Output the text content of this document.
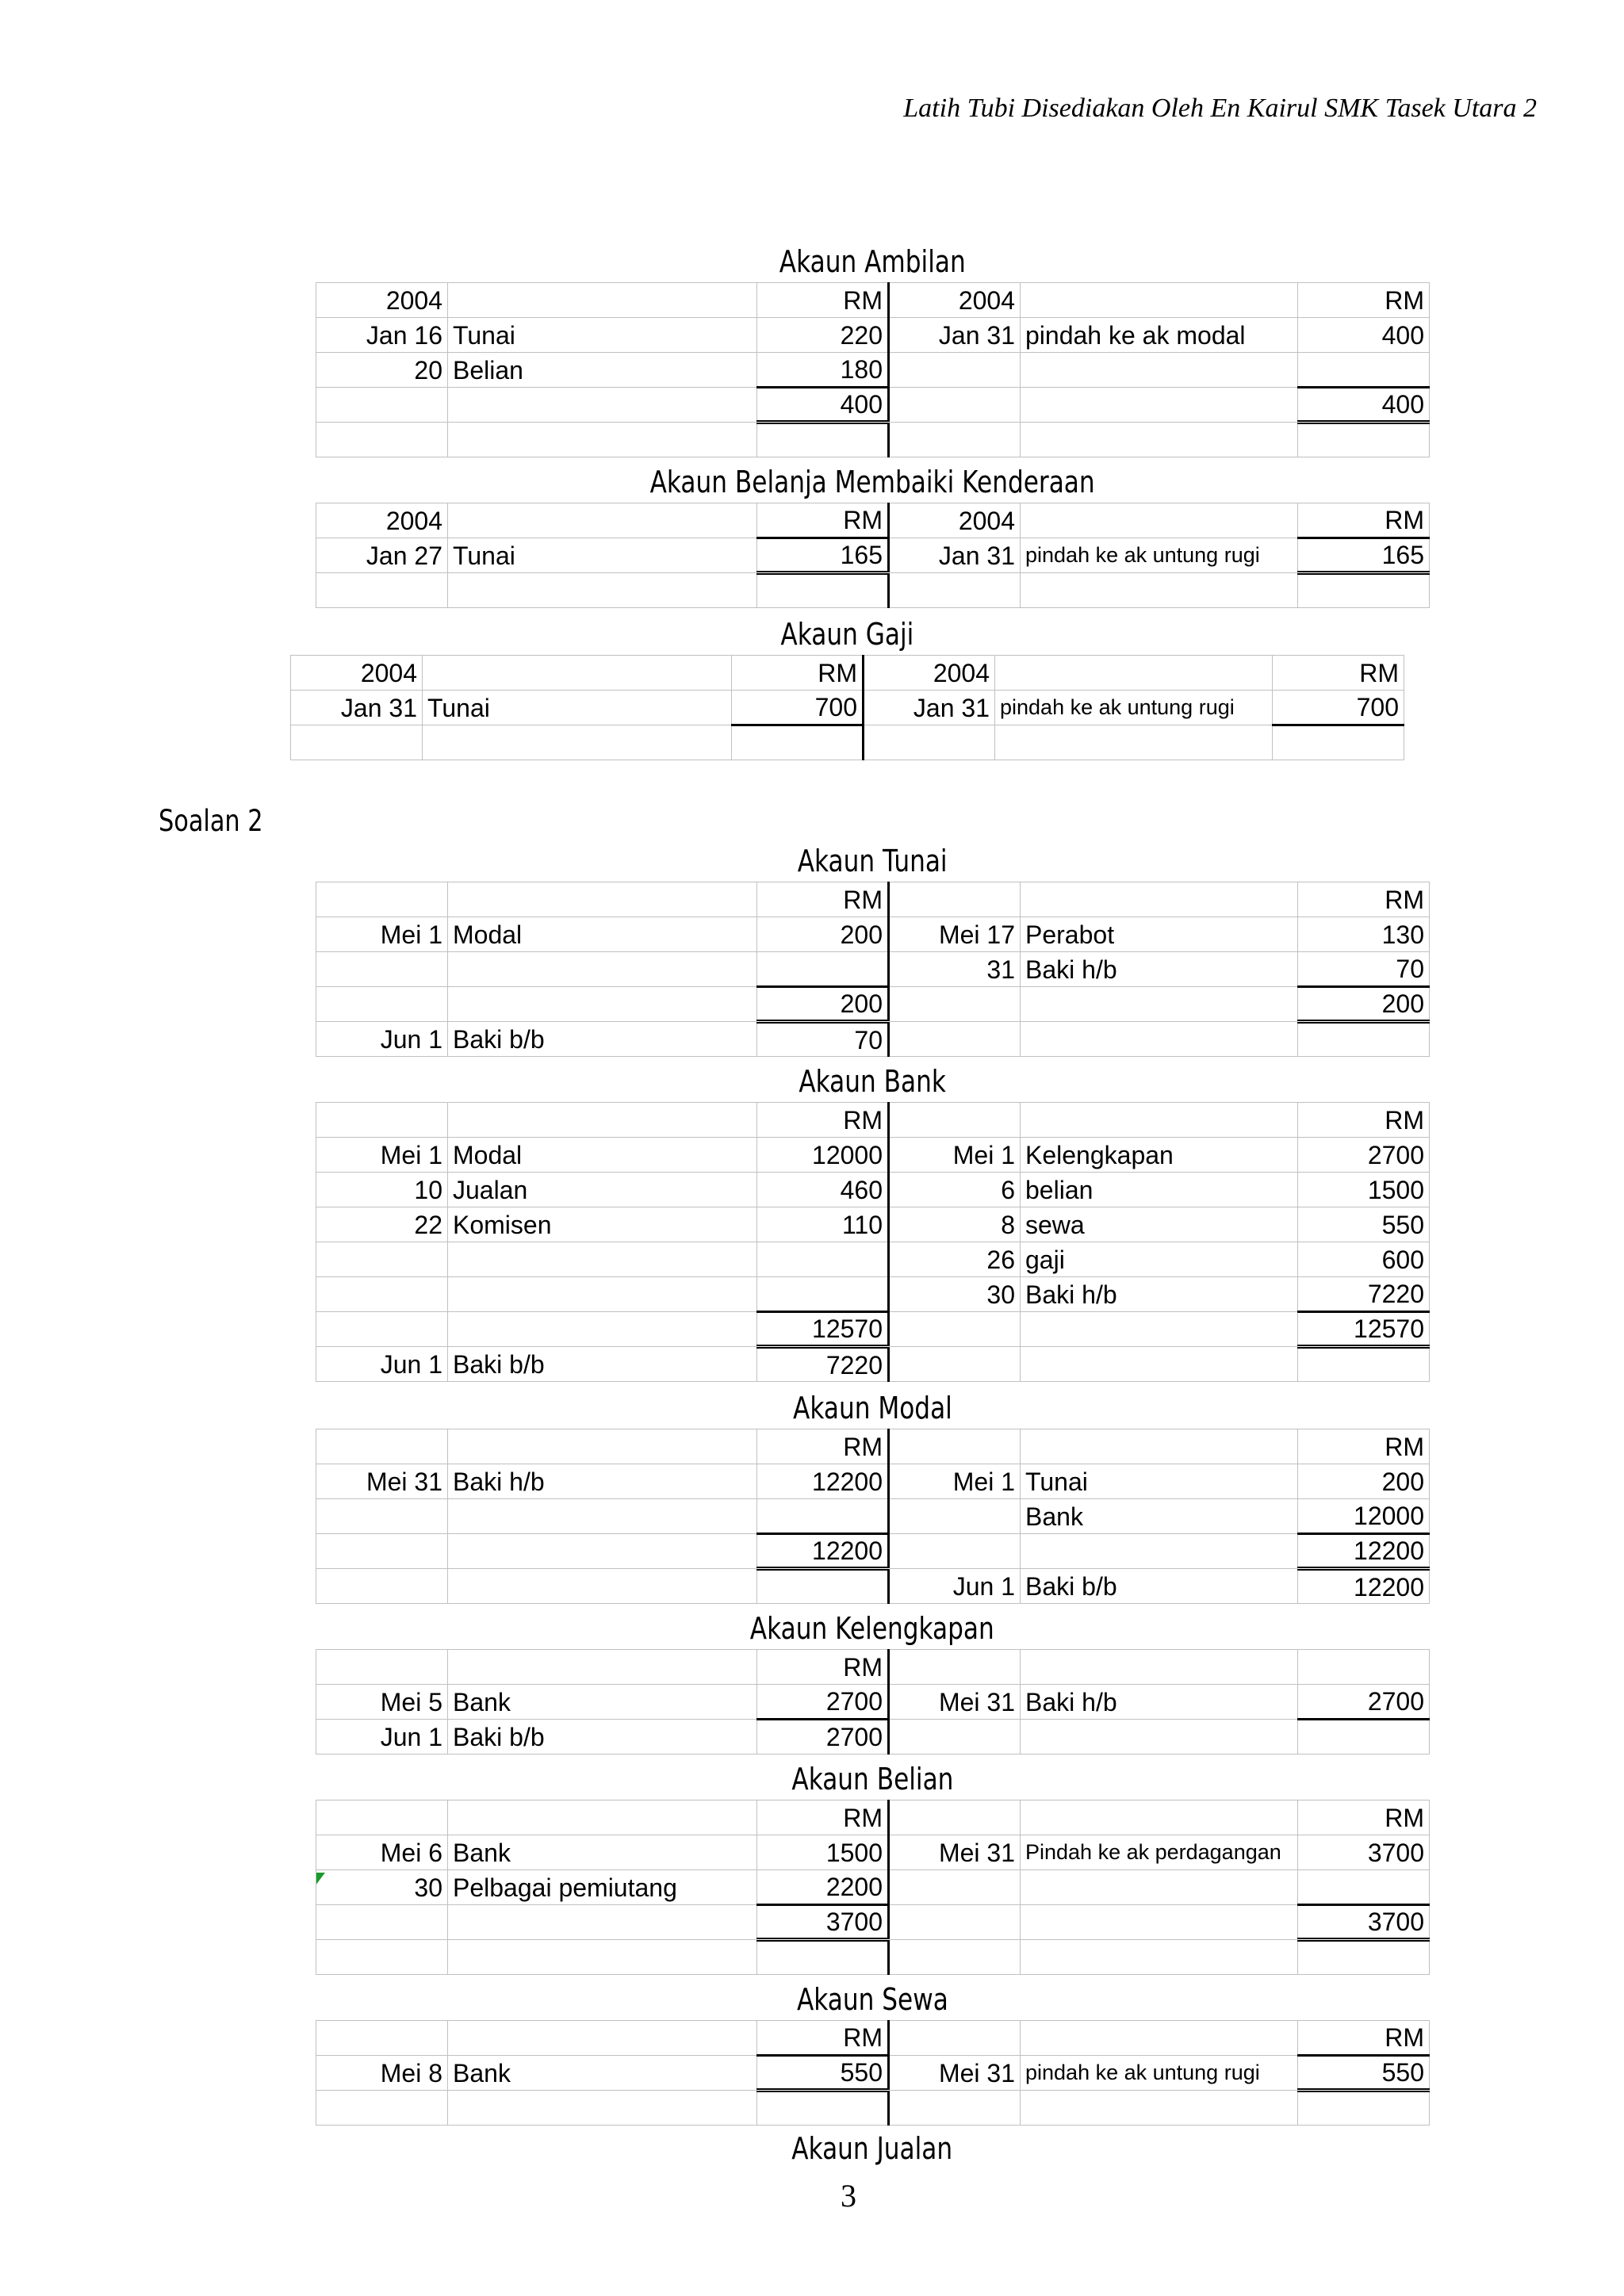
Latih Tubi Disediakan Oleh En Kairul SMK Tasek Utara 2
Soalan 2
Akaun Ambilan
2004		RM	2004		RM
Jan 16	Tunai	220	Jan 31	pindah ke ak modal	400
20	Belian	180			
		400			400

Akaun Belanja Membaiki Kenderaan
2004		RM	2004		RM
Jan 27	Tunai	165	Jan 31	pindah ke ak untung rugi	165

Akaun Gaji
2004		RM	2004		RM
Jan 31	Tunai	700	Jan 31	pindah ke ak untung rugi	700

Akaun Tunai
		RM			RM
Mei 1	Modal	200	Mei 17	Perabot	130
			31	Baki h/b	70
		200			200
Jun 1	Baki b/b	70			
Akaun Bank
		RM			RM
Mei 1	Modal	12000	Mei 1	Kelengkapan	2700
10	Jualan	460	6	belian	1500
22	Komisen	110	8	sewa	550
			26	gaji	600
			30	Baki h/b	7220
		12570			12570
Jun 1	Baki b/b	7220			
Akaun Modal
		RM			RM
Mei 31	Baki h/b	12200	Mei 1	Tunai	200
				Bank	12000
		12200			12200
			Jun 1	Baki b/b	12200
Akaun Kelengkapan
		RM			
Mei 5	Bank	2700	Mei 31	Baki h/b	2700
Jun 1	Baki b/b	2700			
Akaun Belian
		RM			RM
Mei 6	Bank	1500	Mei 31	Pindah ke ak perdagangan	3700
30	Pelbagai pemiutang	2200			
		3700			3700

Akaun Sewa
		RM			RM
Mei 8	Bank	550	Mei 31	pindah ke ak untung rugi	550

Akaun Jualan
3
